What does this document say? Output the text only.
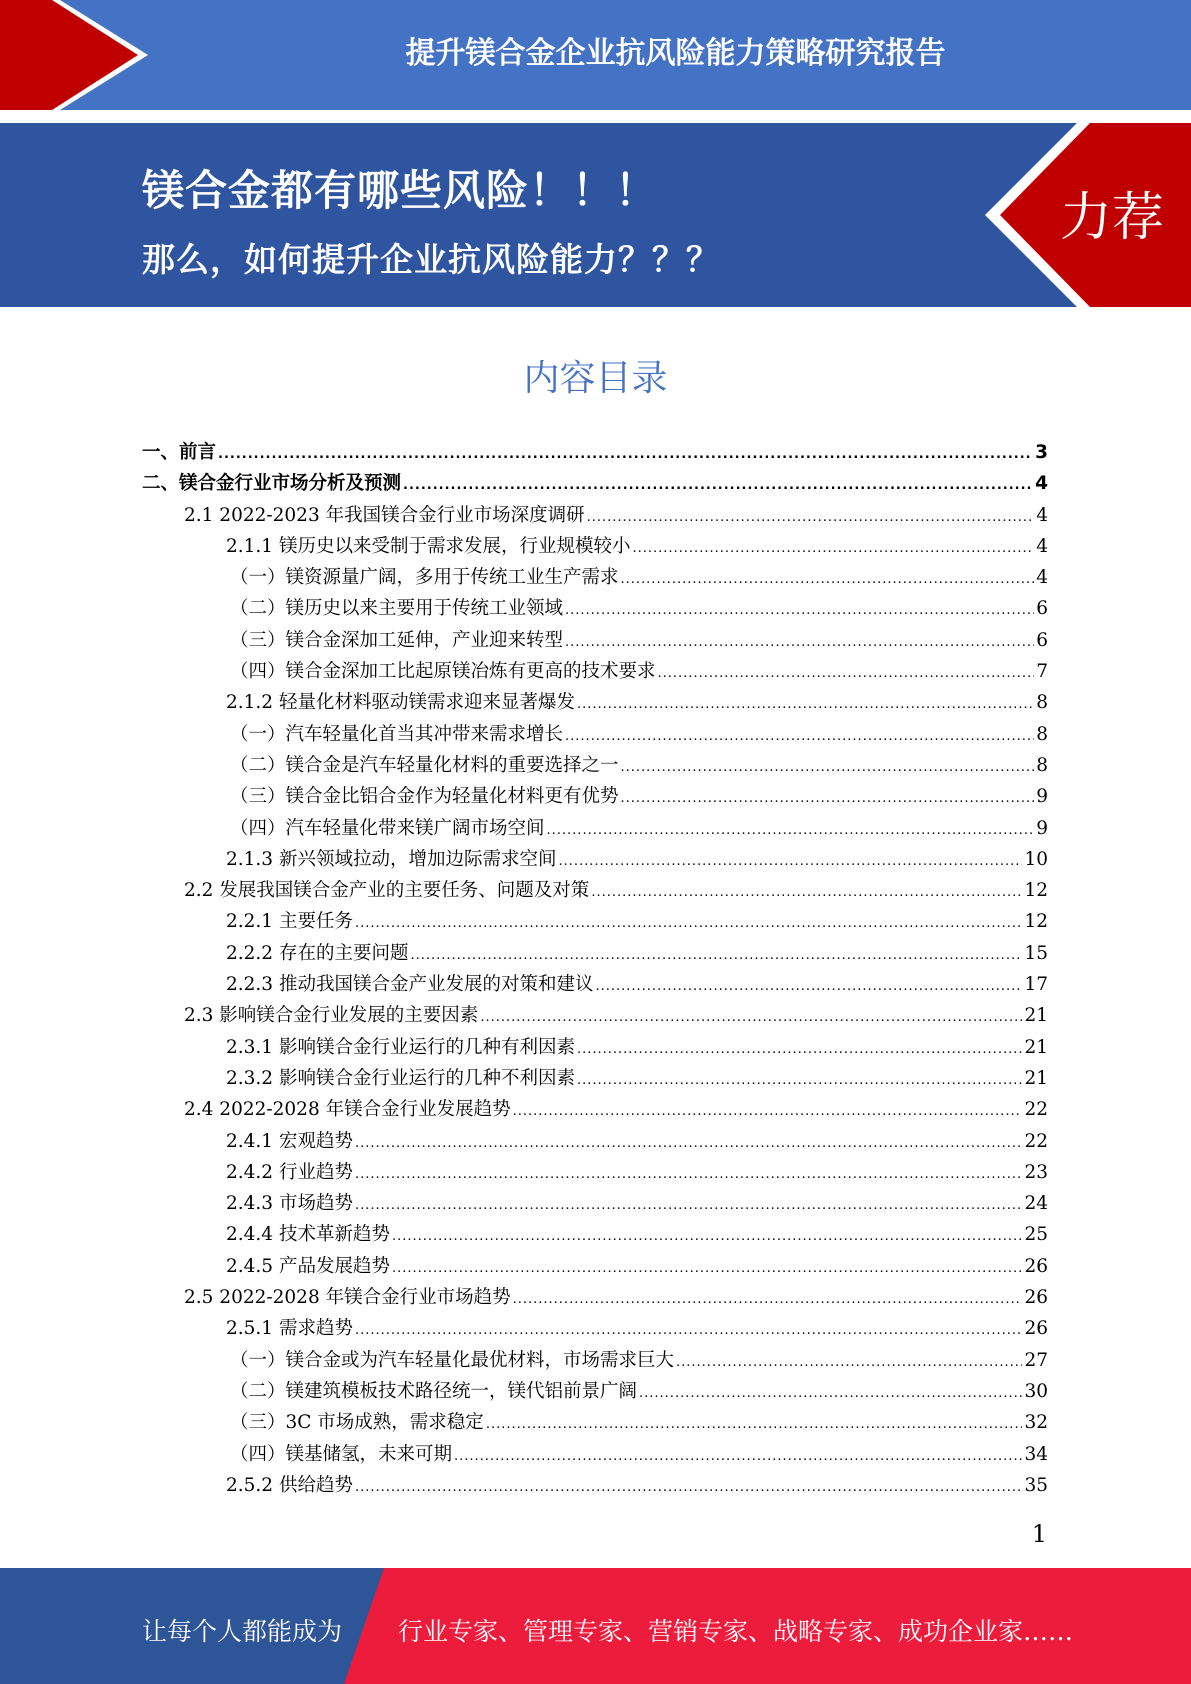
提升镁合金企业抗风险能力策略研究报告
镁合金都有哪些风险！！！
那么，如何提升企业抗风险能力？？？
力荐
内容目录
一、前言 .....	3
二、镁合金行业市场分析及预测 .....	4
2.1 2022-2023 年我国镁合金行业市场深度调研 .....	4
2.1.1 镁历史以来受制于需求发展，行业规模较小 .....	4
（一）镁资源量广阔，多用于传统工业生产需求 .....	4
（二）镁历史以来主要用于传统工业领域 .....	6
（三）镁合金深加工延伸，产业迎来转型 .....	6
（四）镁合金深加工比起原镁冶炼有更高的技术要求 .....	7
2.1.2 轻量化材料驱动镁需求迎来显著爆发 .....	8
（一）汽车轻量化首当其冲带来需求增长 .....	8
（二）镁合金是汽车轻量化材料的重要选择之一 .....	8
（三）镁合金比铝合金作为轻量化材料更有优势 .....	9
（四）汽车轻量化带来镁广阔市场空间 .....	9
2.1.3 新兴领域拉动，增加边际需求空间 .....	10
2.2 发展我国镁合金产业的主要任务、问题及对策 .....	12
2.2.1 主要任务 .....	12
2.2.2 存在的主要问题 .....	15
2.2.3 推动我国镁合金产业发展的对策和建议 .....	17
2.3 影响镁合金行业发展的主要因素 .....	21
2.3.1 影响镁合金行业运行的几种有利因素 .....	21
2.3.2 影响镁合金行业运行的几种不利因素 .....	21
2.4 2022-2028 年镁合金行业发展趋势 .....	22
2.4.1 宏观趋势 .....	22
2.4.2 行业趋势 .....	23
2.4.3 市场趋势 .....	24
2.4.4 技术革新趋势 .....	25
2.4.5 产品发展趋势 .....	26
2.5 2022-2028 年镁合金行业市场趋势 .....	26
2.5.1 需求趋势 .....	26
（一）镁合金或为汽车轻量化最优材料，市场需求巨大 .....	27
（二）镁建筑模板技术路径统一，镁代铝前景广阔 .....	30
（三）3C 市场成熟，需求稳定 .....	32
（四）镁基储氢，未来可期 .....	34
2.5.2 供给趋势 .....	35
1
让每个人都能成为 行业专家、管理专家、营销专家、战略专家、成功企业家……
